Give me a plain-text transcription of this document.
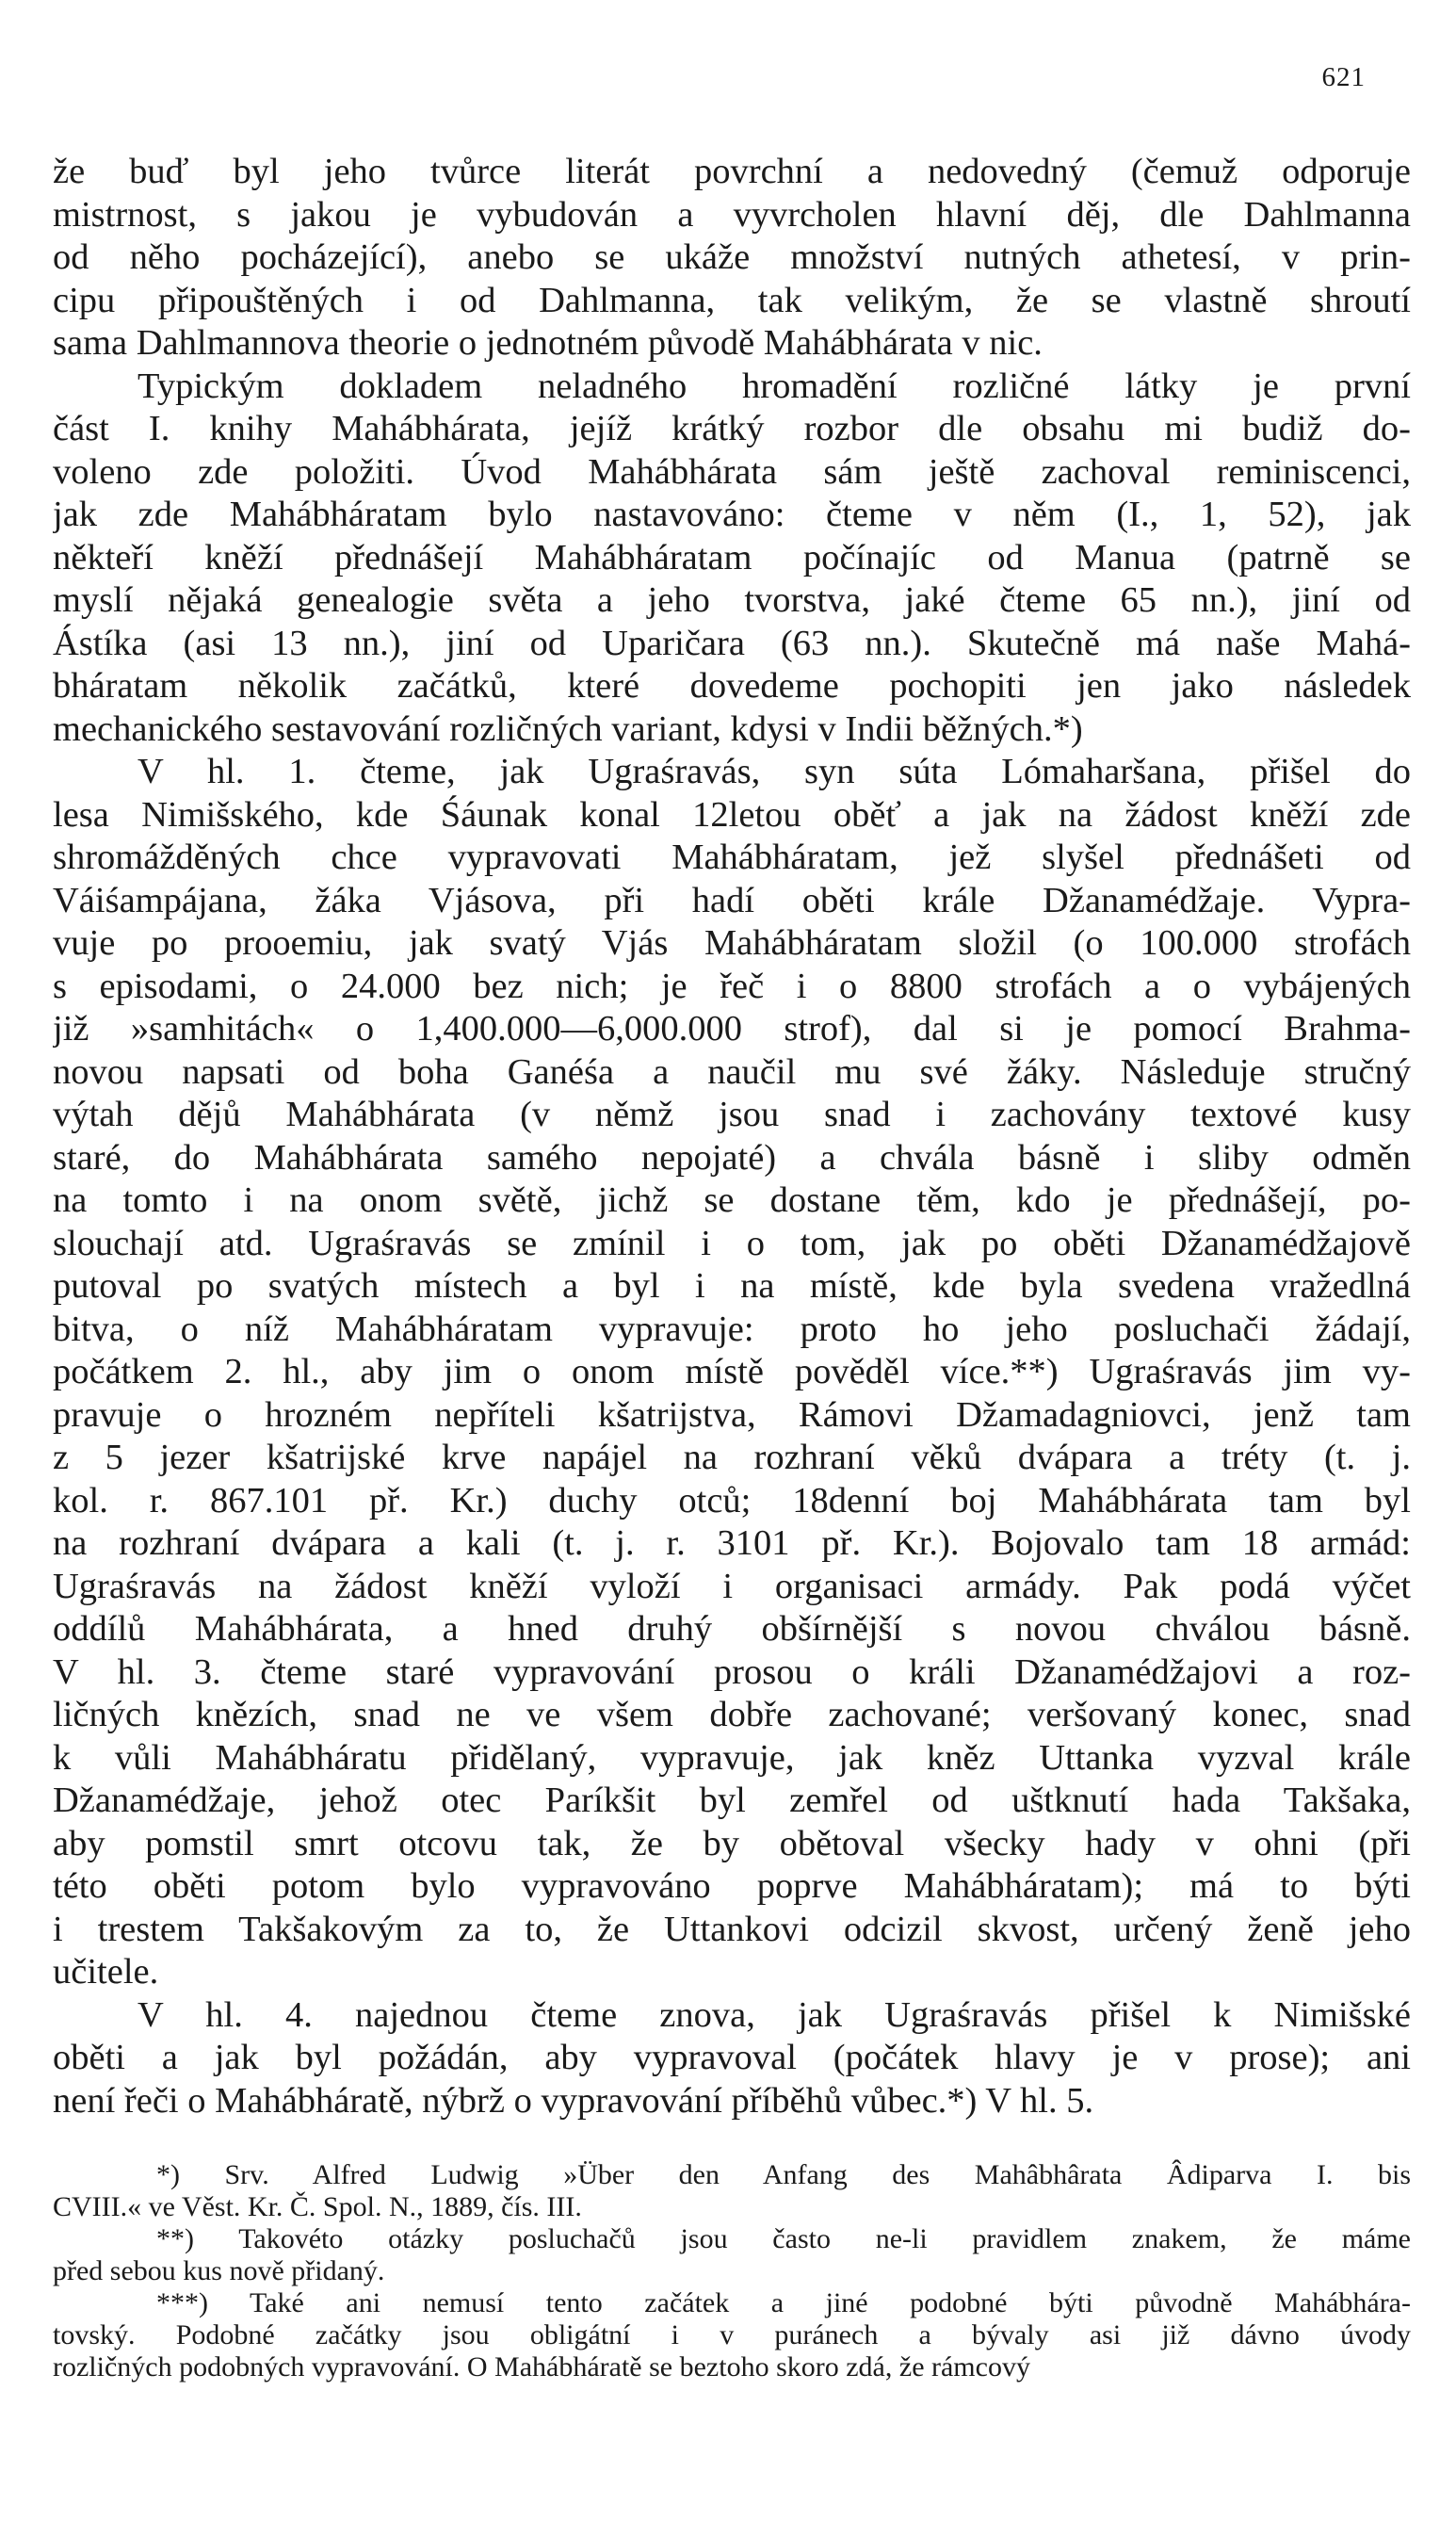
621

že buď byl jeho tvůrce literát povrchní a nedovedný (čemuž odporuje
mistrnost, s jakou je vybudován a vyvrcholen hlavní děj, dle Dahlmanna
od něho pocházející), anebo se ukáže množství nutných athetesí, v prin-
cipu připouštěných i od Dahlmanna, tak velikým, že se vlastně shroutí
sama Dahlmannova theorie o jednotném původě Mahábhárata v nic.

Typickým dokladem neladného hromadění rozličné látky je první
část I. knihy Mahábhárata, jejíž krátký rozbor dle obsahu mi budiž do-
voleno zde položiti. Úvod Mahábhárata sám ještě zachoval reminiscenci,
jak zde Mahábháratam bylo nastavováno: čteme v něm (I., 1, 52), jak
někteří kněží přednášejí Mahábháratam počínajíc od Manua (patrně se
myslí nějaká genealogie světa a jeho tvorstva, jaké čteme 65 nn.), jiní od
Ástíka (asi 13 nn.), jiní od Uparičara (63 nn.). Skutečně má naše Mahá-
bháratam několik začátků, které dovedeme pochopiti jen jako následek
mechanického sestavování rozličných variant, kdysi v Indii běžných.*)

V hl. 1. čteme, jak Ugraśravás, syn súta Lómaharšana, přišel do
lesa Nimišského, kde Śáunak konal 12letou oběť a jak na žádost kněží zde
shromážděných chce vypravovati Mahábháratam, jež slyšel přednášeti od
Váiśampájana, žáka Vjásova, při hadí oběti krále Džanamédžaje. Vypra-
vuje po prooemiu, jak svatý Vjás Mahábháratam složil (o 100.000 strofách
s episodami, o 24.000 bez nich; je řeč i o 8800 strofách a o vybájených
již »samhitách« o 1,400.000—6,000.000 strof), dal si je pomocí Brahma-
novou napsati od boha Ganéśa a naučil mu své žáky. Následuje stručný
výtah dějů Mahábhárata (v němž jsou snad i zachovány textové kusy
staré, do Mahábhárata samého nepojaté) a chvála básně i sliby odměn
na tomto i na onom světě, jichž se dostane těm, kdo je přednášejí, po-
slouchají atd. Ugraśravás se zmínil i o tom, jak po oběti Džanamédžajově
putoval po svatých místech a byl i na místě, kde byla svedena vražedlná
bitva, o níž Mahábháratam vypravuje: proto ho jeho posluchači žádají,
počátkem 2. hl., aby jim o onom místě pověděl více.**) Ugraśravás jim vy-
pravuje o hrozném nepříteli kšatrijstva, Rámovi Džamadagniovci, jenž tam
z 5 jezer kšatrijské krve napájel na rozhraní věků dvápara a tréty (t. j.
kol. r. 867.101 př. Kr.) duchy otců; 18denní boj Mahábhárata tam byl
na rozhraní dvápara a kali (t. j. r. 3101 př. Kr.). Bojovalo tam 18 armád:
Ugraśravás na žádost kněží vyloží i organisaci armády. Pak podá výčet
oddílů Mahábhárata, a hned druhý obšírnější s novou chválou básně.
V hl. 3. čteme staré vypravování prosou o králi Džanamédžajovi a roz-
ličných knězích, snad ne ve všem dobře zachované; veršovaný konec, snad
k vůli Mahábháratu přidělaný, vypravuje, jak kněz Uttanka vyzval krále
Džanamédžaje, jehož otec Paríkšit byl zemřel od uštknutí hada Takšaka,
aby pomstil smrt otcovu tak, že by obětoval všecky hady v ohni (při
této oběti potom bylo vypravováno poprve Mahábháratam); má to býti
i trestem Takšakovým za to, že Uttankovi odcizil skvost, určený ženě jeho
učitele.

V hl. 4. najednou čteme znova, jak Ugraśravás přišel k Nimišské
oběti a jak byl požádán, aby vypravoval (počátek hlavy je v prose); ani
není řeči o Mahábháratě, nýbrž o vypravování příběhů vůbec.*) V hl. 5.

*) Srv. Alfred Ludwig »Über den Anfang des Mahâbhârata Âdiparva I. bis
CVIII.« ve Věst. Kr. Č. Spol. N., 1889, čís. III.
**) Takovéto otázky posluchačů jsou často ne-li pravidlem znakem, že máme
před sebou kus nově přidaný.
***) Také ani nemusí tento začátek a jiné podobné býti původně Mahábhára-
tovský. Podobné začátky jsou obligátní i v puránech a bývaly asi již dávno úvody
rozličných podobných vypravování. O Mahábháratě se beztoho skoro zdá, že rámcový
